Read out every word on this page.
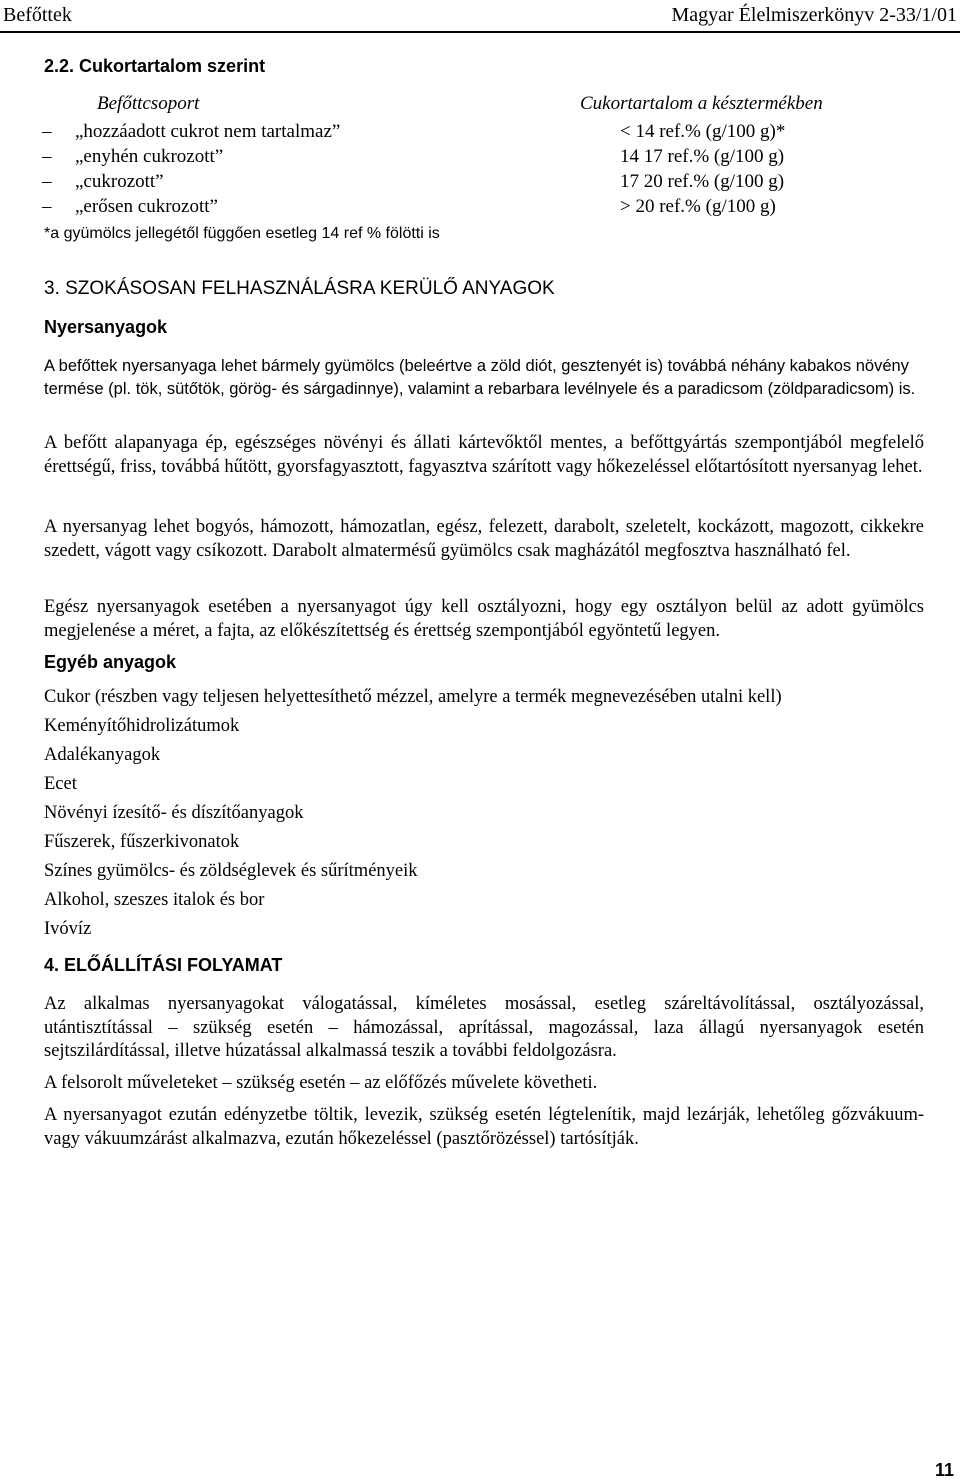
Befőttek	Magyar Élelmiszerkönyv 2-33/1/01
2.2. Cukortartalom szerint
Befőttcsoport	Cukortartalom a késztermékben
– „hozzáadott cukrot nem tartalmaz”	< 14 ref.% (g/100 g)*
– „enyhén cukrozott”	14 17 ref.% (g/100 g)
– „cukrozott”	17 20 ref.% (g/100 g)
– „erősen cukrozott”	> 20 ref.% (g/100 g)
*a gyümölcs jellegétől függően esetleg 14 ref % fölötti is
3. SZOKÁSOSAN FELHASZNÁLÁSRA KERÜLŐ ANYAGOK
Nyersanyagok
A befőttek nyersanyaga lehet bármely gyümölcs (beleértve a zöld diót, gesztenyét is) továbbá néhány kabakos növény termése (pl. tök, sütőtök, görög- és sárgadinnye), valamint a rebarbara levélnyele és a paradicsom (zöldparadicsom) is.
A befőtt alapanyaga ép, egészséges növényi és állati kártevőktől mentes, a befőttgyártás szempontjából megfelelő érettségű, friss, továbbá hűtött, gyorsfagyasztott, fagyasztva szárított vagy hőkezeléssel előtartósított nyersanyag lehet.
A nyersanyag lehet bogyós, hámozott, hámozatlan, egész, felezett, darabolt, szeletelt, kockázott, magozott, cikkekre szedett, vágott vagy csíkozott. Darabolt almatermésű gyümölcs csak magházától megfosztva használható fel.
Egész nyersanyagok esetében a nyersanyagot úgy kell osztályozni, hogy egy osztályon belül az adott gyümölcs megjelenése a méret, a fajta, az előkészítettség és érettség szempontjából egyöntetű legyen.
Egyéb anyagok
Cukor (részben vagy teljesen helyettesíthető mézzel, amelyre a termék megnevezésében utalni kell)
Keményítőhidrolizátumok
Adalékanyagok
Ecet
Növényi ízesítő- és díszítőanyagok
Fűszerek, fűszerkivonatok
Színes gyümölcs- és zöldséglevek és sűrítményeik
Alkohol, szeszes italok és bor
Ivóvíz
4. ELŐÁLLÍTÁSI FOLYAMAT
Az alkalmas nyersanyagokat válogatással, kíméletes mosással, esetleg száreltávolítással, osztályozással, utántisztítással – szükség esetén – hámozással, aprítással, magozással, laza állagú nyersanyagok esetén sejtszilárdítással, illetve húzatással alkalmassá teszik a további feldolgozásra.
A felsorolt műveleteket – szükség esetén – az előfőzés művelete követheti.
A nyersanyagot ezután edényzetbe töltik, levezik, szükség esetén légtelenítik, majd lezárják, lehetőleg gőzvákuum- vagy vákuumzárást alkalmazva, ezután hőkezeléssel (pasztőrözéssel) tartósítják.
11
